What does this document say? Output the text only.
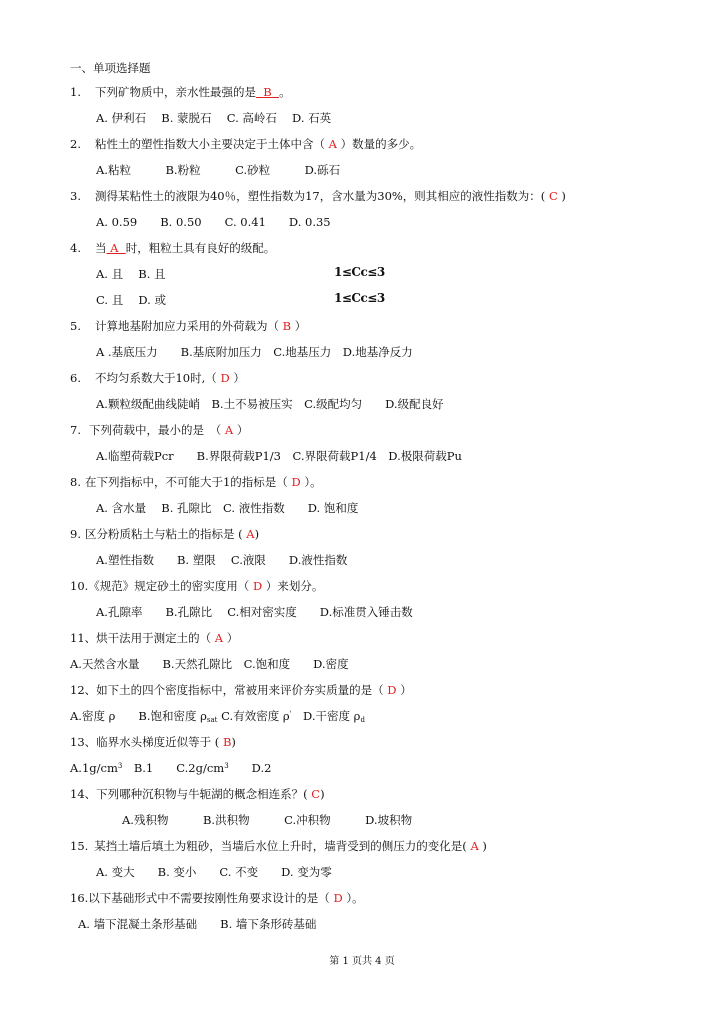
一、单项选择题
1. 下列矿物质中，亲水性最强的是 B 。
A. 伊利石　 B. 蒙脱石　 C. 高岭石　 D. 石英
2. 粘性土的塑性指数大小主要决定于土体中含（ A ）数量的多少。
A.粘粒　　　B.粉粒　　　C.砂粒　　　D.砾石
3. 测得某粘性土的液限为40％，塑性指数为17，含水量为30%，则其相应的液性指数为：( C )
A. 0.59　　B. 0.50　　C. 0.41　　D. 0.35
4. 当 A 时，粗粒土具有良好的级配。
A. 且　 B. 且	1≤Cc≤3
C. 且　 D. 或	1≤Cc≤3
5. 计算地基附加应力采用的外荷载为（ B ）
A .基底压力　　B.基底附加压力　C.地基压力　D.地基净反力
6. 不均匀系数大于10时,（ D ）
A.颗粒级配曲线陡峭　B.土不易被压实　C.级配均匀　　D.级配良好
7. 下列荷载中，最小的是　（ A ）
A.临塑荷载Pcr　　B.界限荷载P1/3　C.界限荷载P1/4　D.极限荷载Pu
8. 在下列指标中，不可能大于1的指标是（ D ）。
A. 含水量　 B. 孔隙比　C. 液性指数　　D. 饱和度
9. 区分粉质粘土与粘土的指标是 ( A)
A.塑性指数　　B. 塑限　 C.液限　　D.液性指数
10.《规范》规定砂土的密实度用（ D ）来划分。
A.孔隙率　　B.孔隙比　 C.相对密实度　　D.标准贯入锤击数
11、烘干法用于测定土的（ A ）
A.天然含水量　　B.天然孔隙比　C.饱和度　　D.密度
12、如下土的四个密度指标中，常被用来评价夯实质量的是（ D ）
A.密度 ρ　　B.饱和密度 $\rho_{sat}$ C.有效密度 ρ'　D.干密度 $\rho_d$
13、临界水头梯度近似等于 ( B)
$A.1g/cm^3$　B.1　　$C.2g/cm^3$　　D.2
14、下列哪种沉积物与牛轭湖的概念相连系？( C)
A.残积物　　　B.洪积物　　　C.冲积物　　　D.坡积物
15. 某挡土墙后填土为粗砂，当墙后水位上升时，墙背受到的侧压力的变化是( A )
A. 变大　　B. 变小　　C. 不变　　D. 变为零
16.以下基础形式中不需要按刚性角要求设计的是（ D ）。
A. 墙下混凝土条形基础　　B. 墙下条形砖基础
第 1 页共 4 页
